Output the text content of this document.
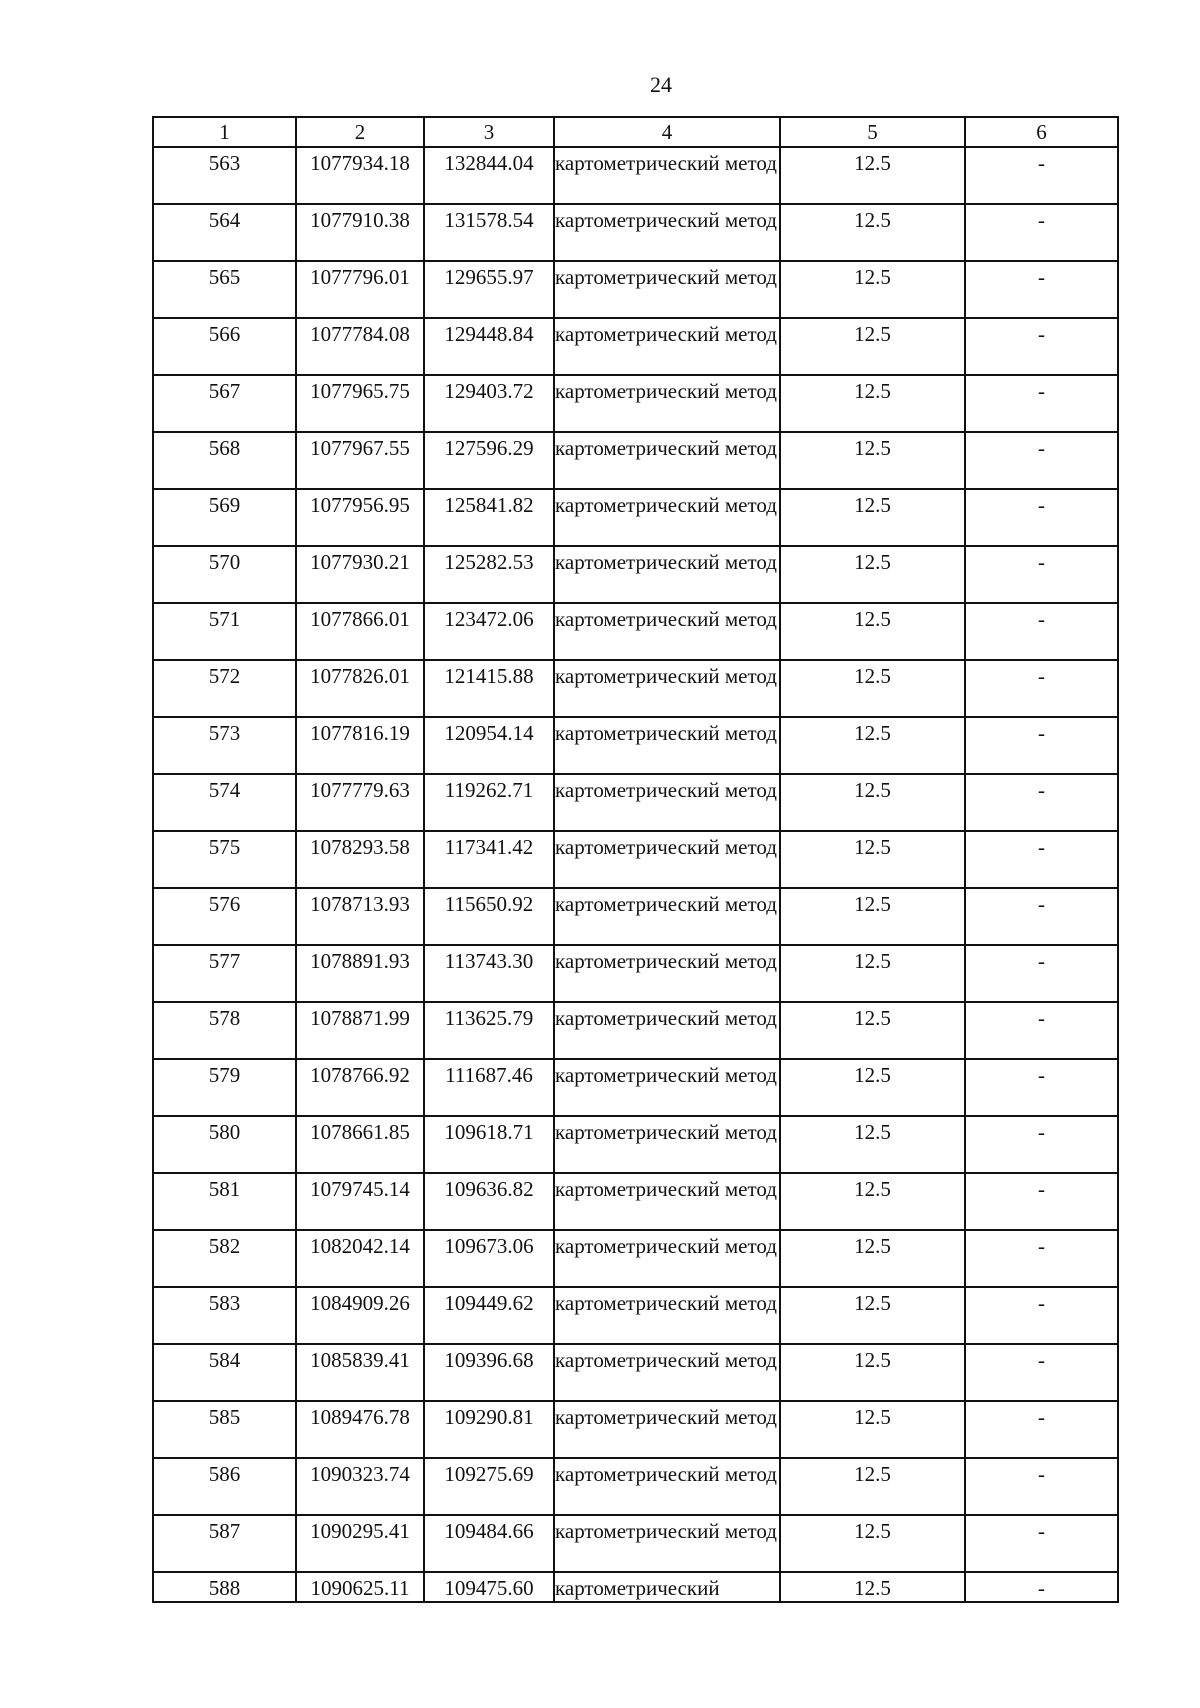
24
1	2	3	4	5	6
563	1077934.18	132844.04	картометрический метод	12.5	-
564	1077910.38	131578.54	картометрический метод	12.5	-
565	1077796.01	129655.97	картометрический метод	12.5	-
566	1077784.08	129448.84	картометрический метод	12.5	-
567	1077965.75	129403.72	картометрический метод	12.5	-
568	1077967.55	127596.29	картометрический метод	12.5	-
569	1077956.95	125841.82	картометрический метод	12.5	-
570	1077930.21	125282.53	картометрический метод	12.5	-
571	1077866.01	123472.06	картометрический метод	12.5	-
572	1077826.01	121415.88	картометрический метод	12.5	-
573	1077816.19	120954.14	картометрический метод	12.5	-
574	1077779.63	119262.71	картометрический метод	12.5	-
575	1078293.58	117341.42	картометрический метод	12.5	-
576	1078713.93	115650.92	картометрический метод	12.5	-
577	1078891.93	113743.30	картометрический метод	12.5	-
578	1078871.99	113625.79	картометрический метод	12.5	-
579	1078766.92	111687.46	картометрический метод	12.5	-
580	1078661.85	109618.71	картометрический метод	12.5	-
581	1079745.14	109636.82	картометрический метод	12.5	-
582	1082042.14	109673.06	картометрический метод	12.5	-
583	1084909.26	109449.62	картометрический метод	12.5	-
584	1085839.41	109396.68	картометрический метод	12.5	-
585	1089476.78	109290.81	картометрический метод	12.5	-
586	1090323.74	109275.69	картометрический метод	12.5	-
587	1090295.41	109484.66	картометрический метод	12.5	-
588	1090625.11	109475.60	картометрический	12.5	-
